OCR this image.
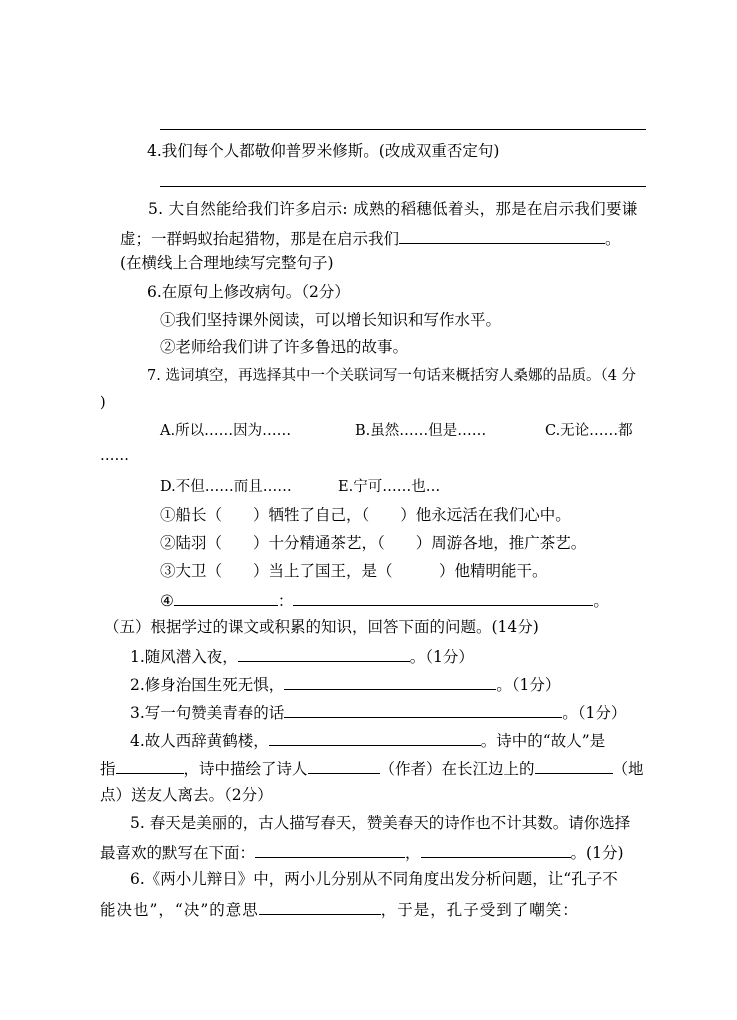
4.我们每个人都敬仰普罗米修斯。(改成双重否定句)
5. 大自然能给我们许多启示: 成熟的稻穗低着头，那是在启示我们要谦
虚；一群蚂蚁抬起猎物，那是在启示我们	。
(在横线上合理地续写完整句子)
6.在原句上修改病句。（2分）
①我们坚持课外阅读，可以增长知识和写作水平。
②老师给我们讲了许多鲁迅的故事。
7. 选词填空，再选择其中一个关联词写一句话来概括穷人桑娜的品质。（4 分
)
A.所以……因为……	B.虽然……但是……	C.无论……都
……
D.不但……而且……	E.宁可……也…
①船长（　　）牺牲了自己，（　　）他永远活在我们心中。
②陆羽（　　）十分精通茶艺，（　　）周游各地，推广茶艺。
③大卫（　　）当上了国王，是（　　　）他精明能干。
④	：	。
（五）根据学过的课文或积累的知识，回答下面的问题。(14分)
1.随风潜入夜，	。（1分）
2.修身治国生死无惧，	。（1分）
3.写一句赞美青春的话	。（1分）
4.故人西辞黄鹤楼，	。诗中的“故人”是
指	，诗中描绘了诗人	（作者）在长江边上的	（地
点）送友人离去。（2分）
5. 春天是美丽的，古人描写春天，赞美春天的诗作也不计其数。请你选择
最喜欢的默写在下面：	，	。(1分)
6.《两小儿辩日》中，两小儿分别从不同角度出发分析问题，让“孔子不
能决也”，“决”的意思	，于是，孔子受到了嘲笑：
